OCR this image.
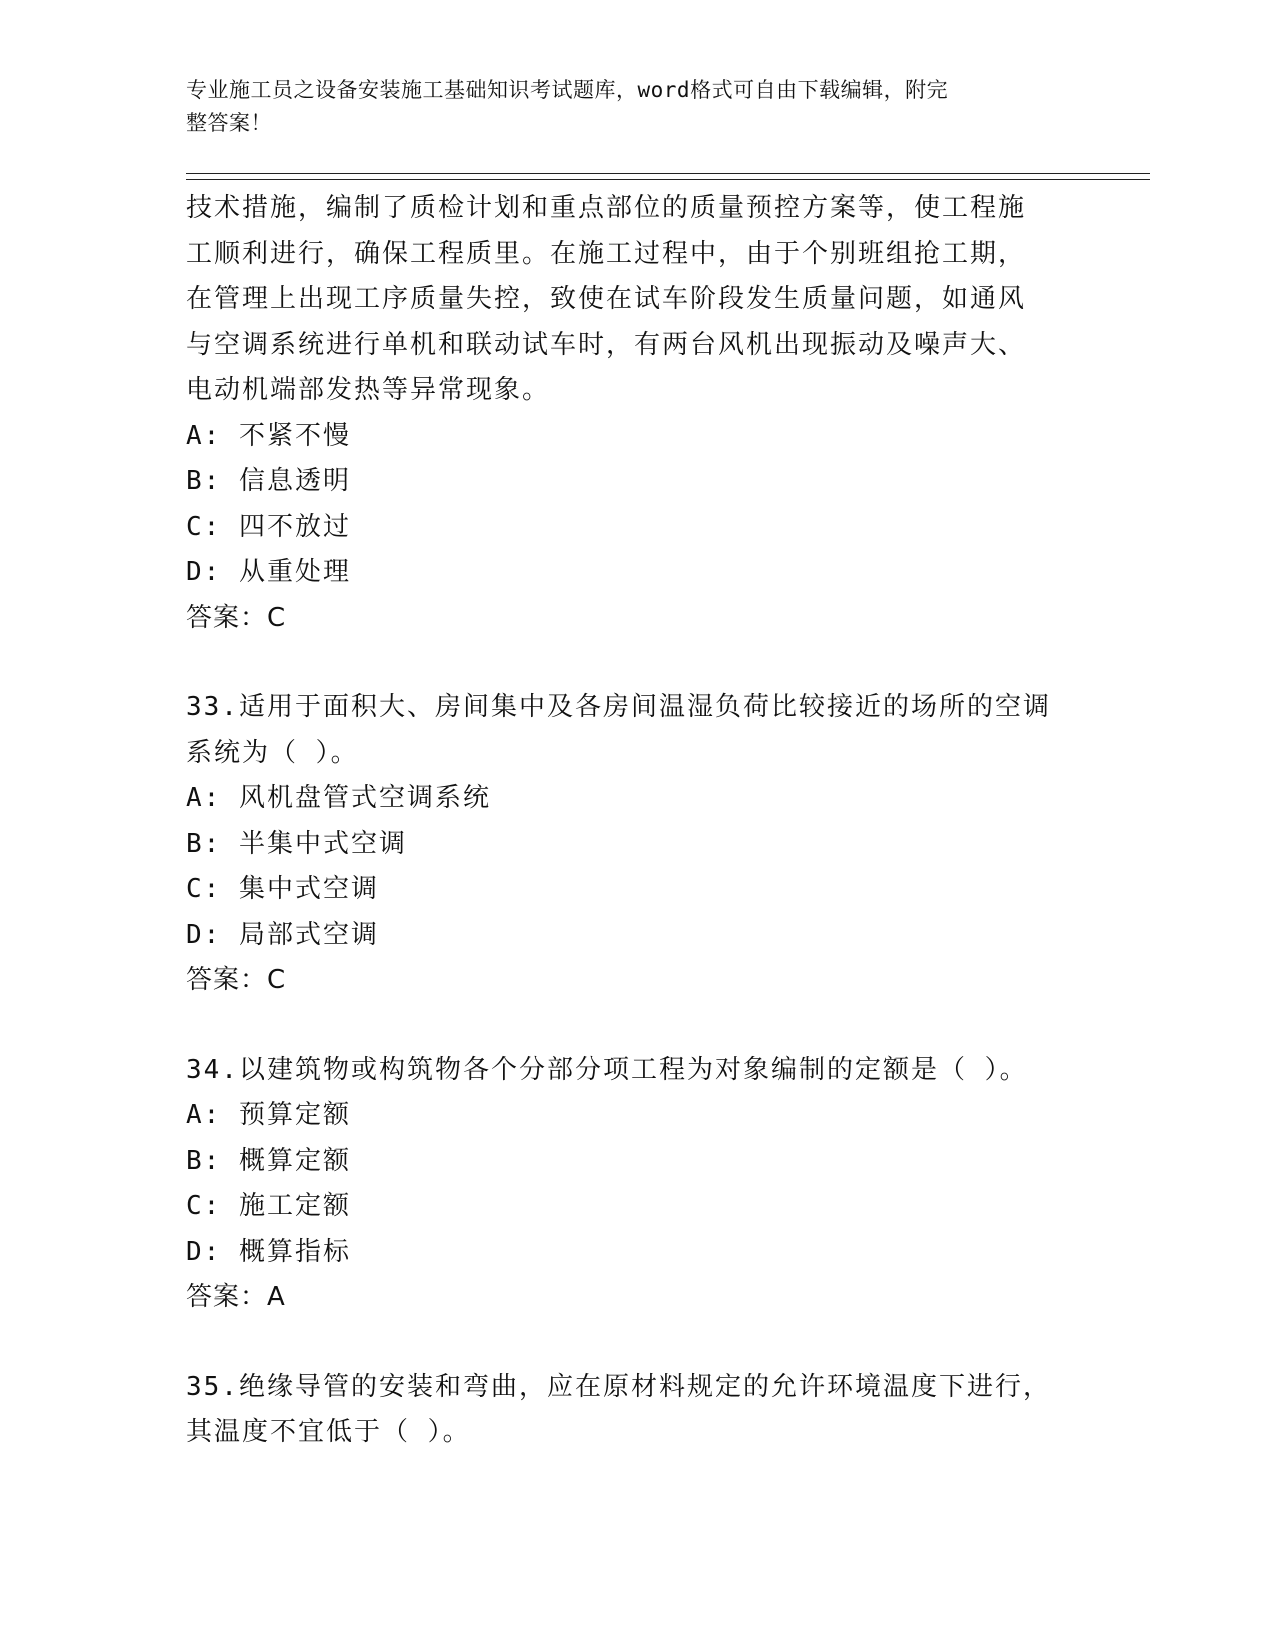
专业施工员之设备安装施工基础知识考试题库，word格式可自由下载编辑，附完
整答案！
技术措施，编制了质检计划和重点部位的质量预控方案等，使工程施
工顺利进行，确保工程质里。在施工过程中，由于个别班组抢工期，
在管理上出现工序质量失控，致使在试车阶段发生质量问题，如通风
与空调系统进行单机和联动试车时，有两台风机出现振动及噪声大、
电动机端部发热等异常现象。
A: 不紧不慢
B: 信息透明
C: 四不放过
D: 从重处理
答案：C
33.适用于面积大、房间集中及各房间温湿负荷比较接近的场所的空调
系统为（ ）。
A: 风机盘管式空调系统
B: 半集中式空调
C: 集中式空调
D: 局部式空调
答案：C
34.以建筑物或构筑物各个分部分项工程为对象编制的定额是（ ）。
A: 预算定额
B: 概算定额
C: 施工定额
D: 概算指标
答案：A
35.绝缘导管的安装和弯曲，应在原材料规定的允许环境温度下进行，
其温度不宜低于（ ）。
